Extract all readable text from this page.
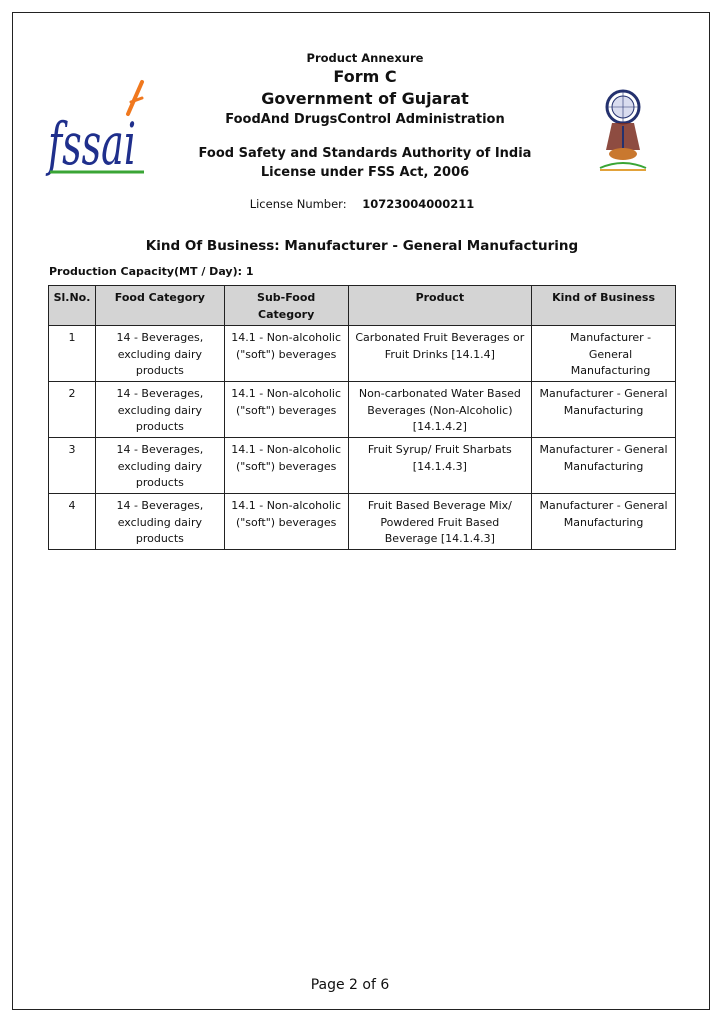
fssai
Product Annexure
Form C
Government of Gujarat
FoodAnd DrugsControl Administration
Food Safety and Standards Authority of India
License under FSS Act, 2006
License Number: 10723004000211
Kind Of Business: Manufacturer - General Manufacturing
Production Capacity(MT / Day): 1
Sl.No.	Food Category	Sub-Food Category	Product	Kind of Business
1	14 - Beverages, excluding dairy products	14.1 - Non-alcoholic ("soft") beverages	Carbonated Fruit Beverages or Fruit Drinks [14.1.4]	Manufacturer - General Manufacturing
2	14 - Beverages, excluding dairy products	14.1 - Non-alcoholic ("soft") beverages	Non-carbonated Water Based Beverages (Non-Alcoholic) [14.1.4.2]	Manufacturer - General Manufacturing
3	14 - Beverages, excluding dairy products	14.1 - Non-alcoholic ("soft") beverages	Fruit Syrup/ Fruit Sharbats [14.1.4.3]	Manufacturer - General Manufacturing
4	14 - Beverages, excluding dairy products	14.1 - Non-alcoholic ("soft") beverages	Fruit Based Beverage Mix/ Powdered Fruit Based Beverage [14.1.4.3]	Manufacturer - General Manufacturing
Page 2 of 6
